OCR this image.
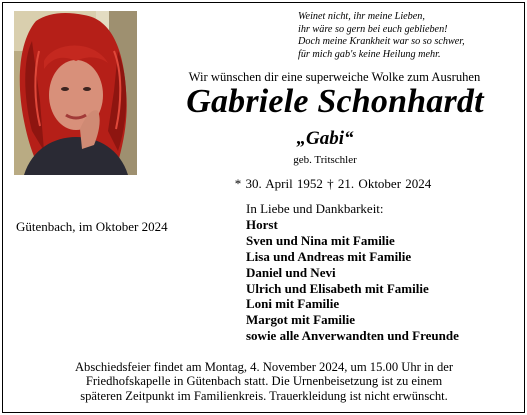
Weinet nicht, ihr meine Lieben,
ihr wäre so gern bei euch geblieben!
Doch meine Krankheit war so so schwer,
für mich gab's keine Heilung mehr.
Wir wünschen dir eine superweiche Wolke zum Ausruhen
Gabriele Schonhardt
„Gabi“
geb. Tritschler
* 30. April 1952 † 21. Oktober 2024
Gütenbach, im Oktober 2024
In Liebe und Dankbarkeit:
Horst
Sven und Nina mit Familie
Lisa und Andreas mit Familie
Daniel und Nevi
Ulrich und Elisabeth mit Familie
Loni mit Familie
Margot mit Familie
sowie alle Anverwandten und Freunde
Abschiedsfeier findet am Montag, 4. November 2024, um 15.00 Uhr in der
Friedhofskapelle in Gütenbach statt. Die Urnenbeisetzung ist zu einem
späteren Zeitpunkt im Familienkreis. Trauerkleidung ist nicht erwünscht.
